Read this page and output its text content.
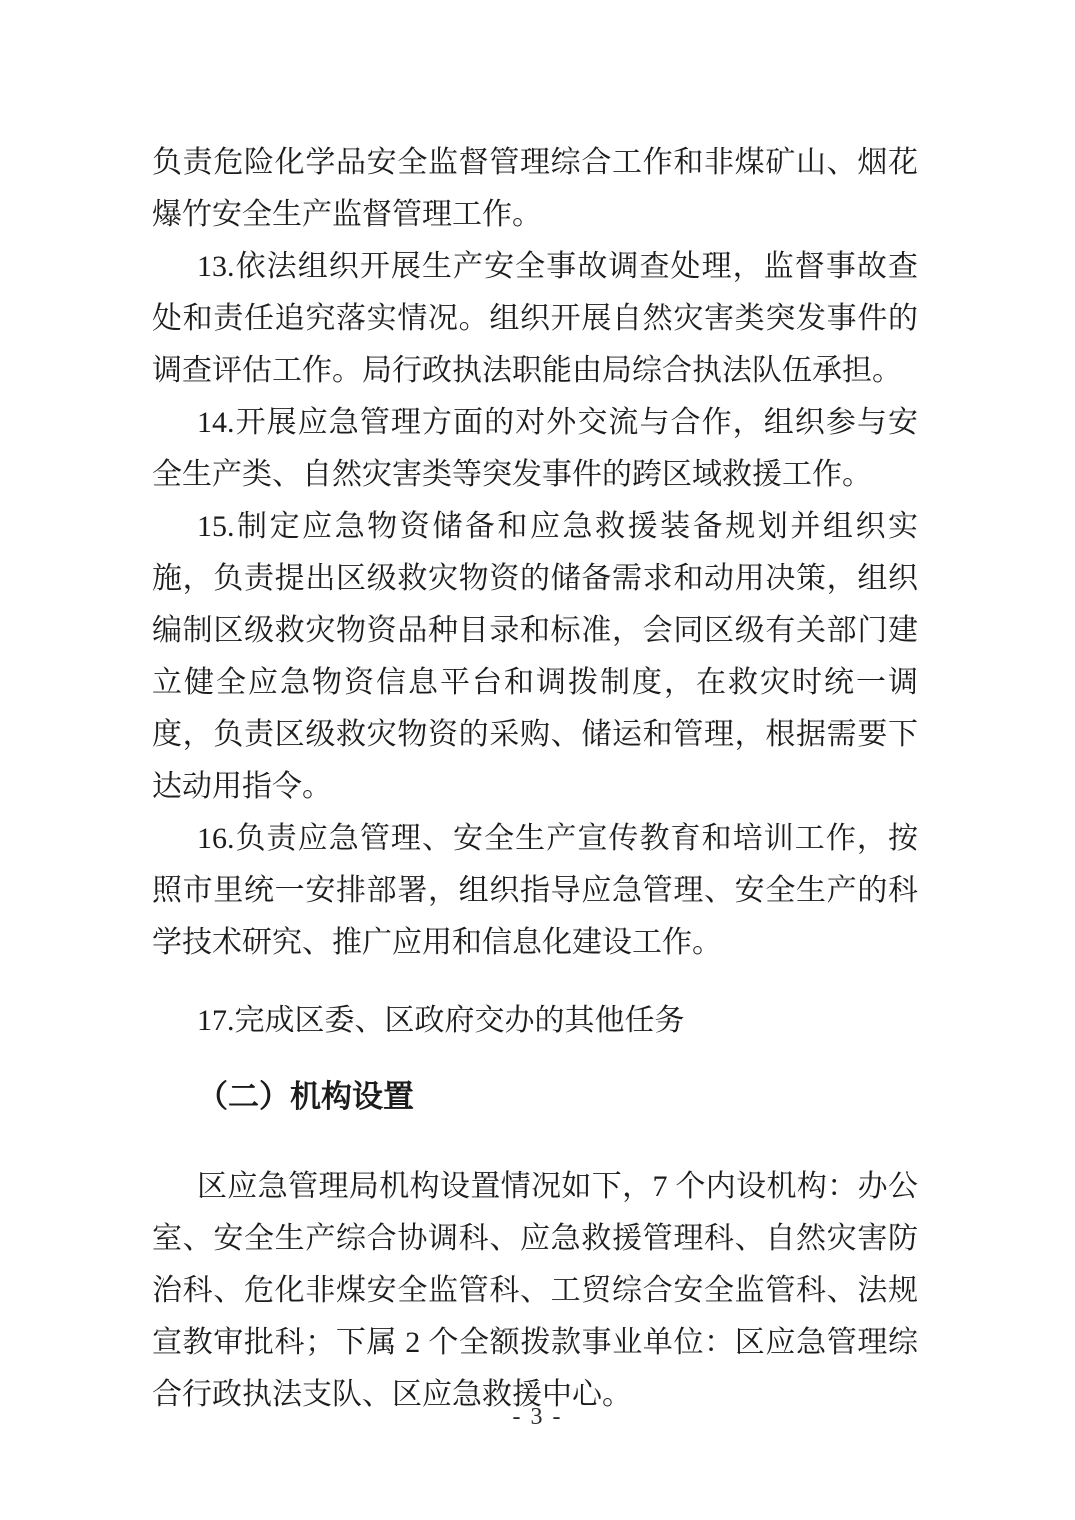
负责危险化学品安全监督管理综合工作和非煤矿山、烟花爆竹安全生产监督管理工作。

13.依法组织开展生产安全事故调查处理，监督事故查处和责任追究落实情况。组织开展自然灾害类突发事件的调查评估工作。局行政执法职能由局综合执法队伍承担。

14.开展应急管理方面的对外交流与合作，组织参与安全生产类、自然灾害类等突发事件的跨区域救援工作。

15.制定应急物资储备和应急救援装备规划并组织实施，负责提出区级救灾物资的储备需求和动用决策，组织编制区级救灾物资品种目录和标准，会同区级有关部门建立健全应急物资信息平台和调拨制度，在救灾时统一调度，负责区级救灾物资的采购、储运和管理，根据需要下达动用指令。

16.负责应急管理、安全生产宣传教育和培训工作，按照市里统一安排部署，组织指导应急管理、安全生产的科学技术研究、推广应用和信息化建设工作。

17.完成区委、区政府交办的其他任务

（二）机构设置

区应急管理局机构设置情况如下，7 个内设机构：办公室、安全生产综合协调科、应急救援管理科、自然灾害防治科、危化非煤安全监管科、工贸综合安全监管科、法规宣教审批科；下属 2 个全额拨款事业单位：区应急管理综合行政执法支队、区应急救援中心。

- 3 -
